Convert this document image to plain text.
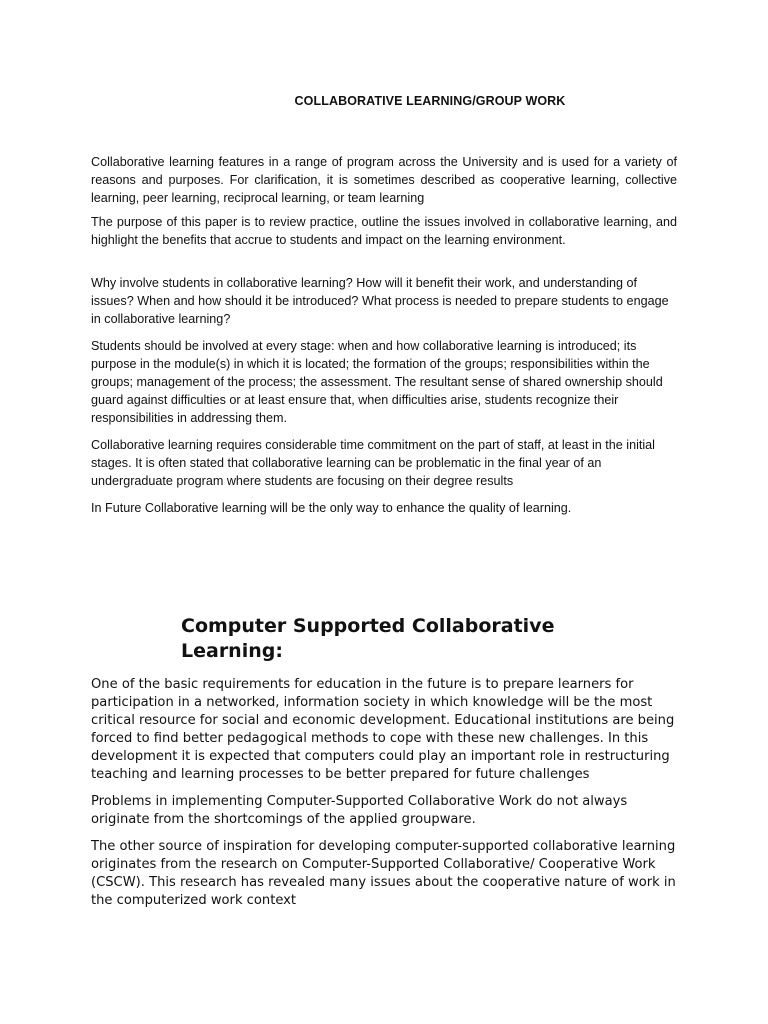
COLLABORATIVE LEARNING/GROUP WORK

Collaborative learning features in a range of program across the University and is used for a variety of reasons and purposes. For clarification, it is sometimes described as cooperative learning, collective learning, peer learning, reciprocal learning, or team learning

The purpose of this paper is to review practice, outline the issues involved in collaborative learning, and highlight the benefits that accrue to students and impact on the learning environment.

Why involve students in collaborative learning? How will it benefit their work, and understanding of issues? When and how should it be introduced? What process is needed to prepare students to engage in collaborative learning?

Students should be involved at every stage: when and how collaborative learning is introduced; its purpose in the module(s) in which it is located; the formation of the groups; responsibilities within the groups; management of the process; the assessment. The resultant sense of shared ownership should guard against difficulties or at least ensure that, when difficulties arise, students recognize their responsibilities in addressing them.

Collaborative learning requires considerable time commitment on the part of staff, at least in the initial stages. It is often stated that collaborative learning can be problematic in the final year of an undergraduate program where students are focusing on their degree results

In Future Collaborative learning will be the only way to enhance the quality of learning.

Computer Supported Collaborative Learning:

One of the basic requirements for education in the future is to prepare learners for participation in a networked, information society in which knowledge will be the most critical resource for social and economic development. Educational institutions are being forced to find better pedagogical methods to cope with these new challenges. In this development it is expected that computers could play an important role in restructuring teaching and learning processes to be better prepared for future challenges

Problems in implementing Computer-Supported Collaborative Work do not always originate from the shortcomings of the applied groupware.

The other source of inspiration for developing computer-supported collaborative learning originates from the research on Computer-Supported Collaborative/ Cooperative Work (CSCW). This research has revealed many issues about the cooperative nature of work in the computerized work context
